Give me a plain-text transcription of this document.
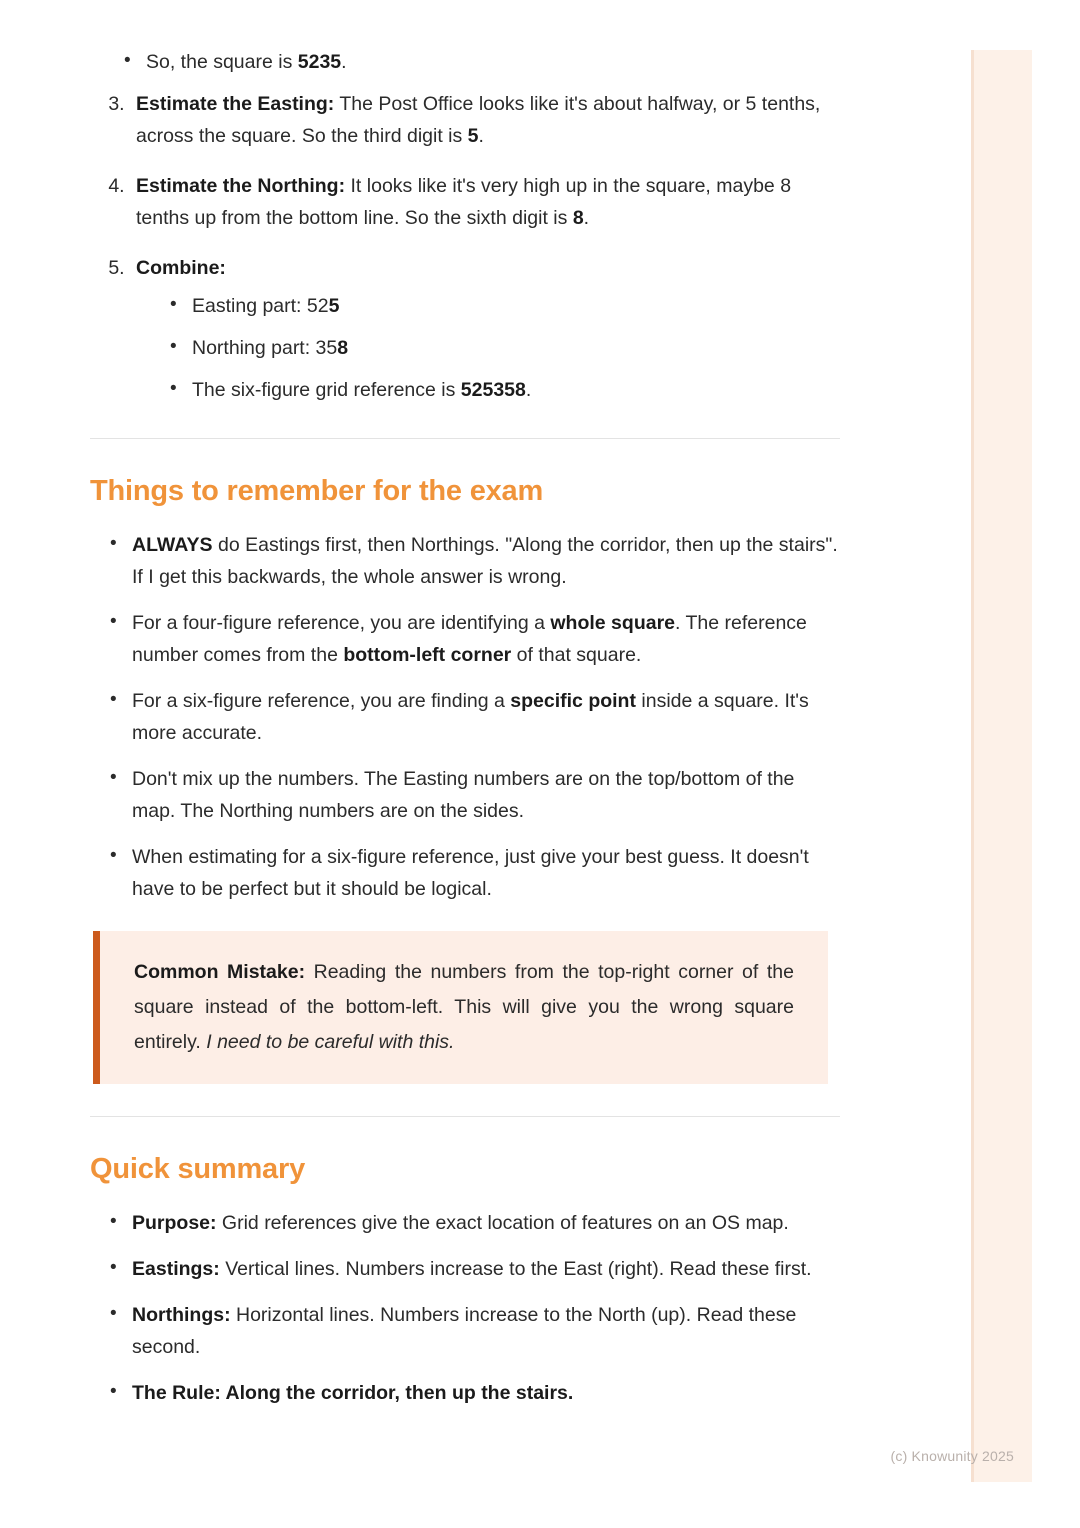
• So, the square is 5235.
3. Estimate the Easting: The Post Office looks like it's about halfway, or 5 tenths, across the square. So the third digit is 5.
4. Estimate the Northing: It looks like it's very high up in the square, maybe 8 tenths up from the bottom line. So the sixth digit is 8.
5. Combine:
• Easting part: 525
• Northing part: 358
• The six-figure grid reference is 525358.
Things to remember for the exam
• ALWAYS do Eastings first, then Northings. "Along the corridor, then up the stairs". If I get this backwards, the whole answer is wrong.
• For a four-figure reference, you are identifying a whole square. The reference number comes from the bottom-left corner of that square.
• For a six-figure reference, you are finding a specific point inside a square. It's more accurate.
• Don't mix up the numbers. The Easting numbers are on the top/bottom of the map. The Northing numbers are on the sides.
• When estimating for a six-figure reference, just give your best guess. It doesn't have to be perfect but it should be logical.

Common Mistake: Reading the numbers from the top-right corner of the square instead of the bottom-left. This will give you the wrong square entirely. I need to be careful with this.

Quick summary
• Purpose: Grid references give the exact location of features on an OS map.
• Eastings: Vertical lines. Numbers increase to the East (right). Read these first.
• Northings: Horizontal lines. Numbers increase to the North (up). Read these second.
• The Rule: Along the corridor, then up the stairs.
(c) Knowunity 2025
